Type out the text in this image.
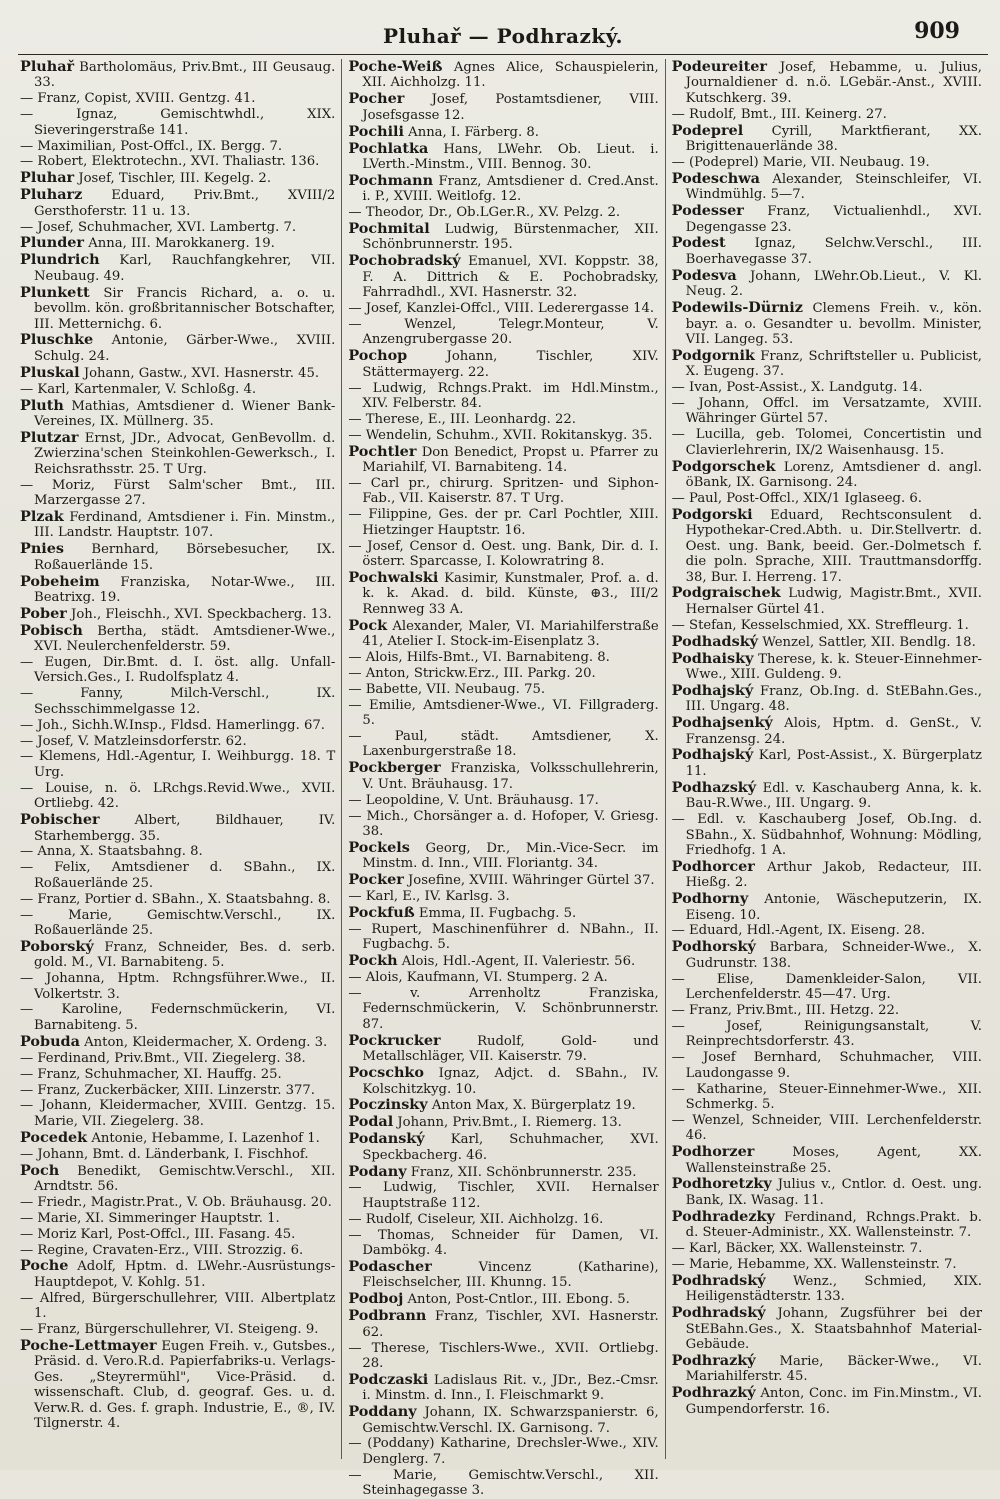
Pluhař — Podhrazký.	909

Pluhař Bartholomäus, Priv.Bmt., III Geusaug. 33.

— Franz, Copist, XVIII. Gentzg. 41.

— Ignaz, Gemischtwhdl., XIX. Sieveringerstraße 141.

— Maximilian, Post-Offcl., IX. Bergg. 7.

— Robert, Elektrotechn., XVI. Thaliastr. 136.

Pluhar Josef, Tischler, III. Kegelg. 2.

Pluharz Eduard, Priv.Bmt., XVIII/2 Gersthoferstr. 11 u. 13.

— Josef, Schuhmacher, XVI. Lambertg. 7.

Plunder Anna, III. Marokkanerg. 19.

Plundrich Karl, Rauchfangkehrer, VII. Neubaug. 49.

Plunkett Sir Francis Richard, a. o. u. bevollm. kön. großbritannischer Botschafter, III. Metternichg. 6.

Pluschke Antonie, Gärber-Wwe., XVIII. Schulg. 24.

Pluskal Johann, Gastw., XVI. Hasnerstr. 45.

— Karl, Kartenmaler, V. Schloßg. 4.

Pluth Mathias, Amtsdiener d. Wiener Bank-Vereines, IX. Müllnerg. 35.

Plutzar Ernst, JDr., Advocat, GenBevollm. d. Zwierzina'schen Steinkohlen-Gewerksch., I. Reichsrathsstr. 25. T Urg.

— Moriz, Fürst Salm'scher Bmt., III. Marzergasse 27.

Plzak Ferdinand, Amtsdiener i. Fin. Minstm., III. Landstr. Hauptstr. 107.

Pnies Bernhard, Börsebesucher, IX. Roßauerlände 15.

Pobeheim Franziska, Notar-Wwe., III. Beatrixg. 19.

Pober Joh., Fleischh., XVI. Speckbacherg. 13.

Pobisch Bertha, städt. Amtsdiener-Wwe., XVI. Neulerchenfelderstr. 59.

— Eugen, Dir.Bmt. d. I. öst. allg. Unfall-Versich.Ges., I. Rudolfsplatz 4.

— Fanny, Milch-Verschl., IX. Sechsschimmelgasse 12.

— Joh., Sichh.W.Insp., Fldsd. Hamerlingg. 67.

— Josef, V. Matzleinsdorferstr. 62.

— Klemens, Hdl.-Agentur, I. Weihburgg. 18. T Urg.

— Louise, n. ö. LRchgs.Revid.Wwe., XVII. Ortliebg. 42.

Pobischer Albert, Bildhauer, IV. Starhembergg. 35.

— Anna, X. Staatsbahng. 8.

— Felix, Amtsdiener d. SBahn., IX. Roßauerlände 25.

— Franz, Portier d. SBahn., X. Staatsbahng. 8.

— Marie, Gemischtw.Verschl., IX. Roßauerlände 25.

Poborský Franz, Schneider, Bes. d. serb. gold. M., VI. Barnabiteng. 5.

— Johanna, Hptm. Rchngsführer.Wwe., II. Volkertstr. 3.

— Karoline, Federnschmückerin, VI. Barnabiteng. 5.

Pobuda Anton, Kleidermacher, X. Ordeng. 3.

— Ferdinand, Priv.Bmt., VII. Ziegelerg. 38.

— Franz, Schuhmacher, XI. Hauffg. 25.

— Franz, Zuckerbäcker, XIII. Linzerstr. 377.

— Johann, Kleidermacher, XVIII. Gentzg. 15. Marie, VII. Ziegelerg. 38.

Pocedek Antonie, Hebamme, I. Lazenhof 1.

— Johann, Bmt. d. Länderbank, I. Fischhof.

Poch Benedikt, Gemischtw.Verschl., XII. Arndtstr. 56.

— Friedr., Magistr.Prat., V. Ob. Bräuhausg. 20.

— Marie, XI. Simmeringer Hauptstr. 1.

— Moriz Karl, Post-Offcl., III. Fasang. 45.

— Regine, Cravaten-Erz., VIII. Strozzig. 6.

Poche Adolf, Hptm. d. LWehr.-Ausrüstungs-Hauptdepot, V. Kohlg. 51.

— Alfred, Bürgerschullehrer, VIII. Albertplatz 1.

— Franz, Bürgerschullehrer, VI. Steigeng. 9.

Poche-Lettmayer Eugen Freih. v., Gutsbes., Präsid. d. Vero.R.d. Papierfabriks-u. Verlags-Ges. „Steyrermühl", Vice-Präsid. d. wissenschaft. Club, d. geograf. Ges. u. d. Verw.R. d. Ges. f. graph. Industrie, E., ®, IV. Tilgnerstr. 4.

Poche-Weiß Agnes Alice, Schauspielerin, XII. Aichholzg. 11.

Pocher Josef, Postamtsdiener, VIII. Josefsgasse 12.

Pochili Anna, I. Färberg. 8.

Pochlatka Hans, LWehr. Ob. Lieut. i. LVerth.-Minstm., VIII. Bennog. 30.

Pochmann Franz, Amtsdiener d. Cred.Anst. i. P., XVIII. Weitlofg. 12.

— Theodor, Dr., Ob.LGer.R., XV. Pelzg. 2.

Pochmital Ludwig, Bürstenmacher, XII. Schönbrunnerstr. 195.

Pochobradský Emanuel, XVI. Koppstr. 38, F. A. Dittrich & E. Pochobradsky, Fahrradhdl., XVI. Hasnerstr. 32.

— Josef, Kanzlei-Offcl., VIII. Lederergasse 14.

— Wenzel, Telegr.Monteur, V. Anzengrubergasse 20.

Pochop Johann, Tischler, XIV. Stättermayerg. 22.

— Ludwig, Rchngs.Prakt. im Hdl.Minstm., XIV. Felberstr. 84.

— Therese, E., III. Leonhardg. 22.

— Wendelin, Schuhm., XVII. Rokitanskyg. 35.

Pochtler Don Benedict, Propst u. Pfarrer zu Mariahilf, VI. Barnabiteng. 14.

— Carl pr., chirurg. Spritzen- und Siphon-Fab., VII. Kaiserstr. 87. T Urg.

— Filippine, Ges. der pr. Carl Pochtler, XIII. Hietzinger Hauptstr. 16.

— Josef, Censor d. Oest. ung. Bank, Dir. d. I. österr. Sparcasse, I. Kolowratring 8.

Pochwalski Kasimir, Kunstmaler, Prof. a. d. k. k. Akad. d. bild. Künste, ⊕3., III/2 Rennweg 33 A.

Pock Alexander, Maler, VI. Mariahilferstraße 41, Atelier I. Stock-im-Eisenplatz 3.

— Alois, Hilfs-Bmt., VI. Barnabiteng. 8.

— Anton, Strickw.Erz., III. Parkg. 20.

— Babette, VII. Neubaug. 75.

— Emilie, Amtsdiener-Wwe., VI. Fillgraderg. 5.

— Paul, städt. Amtsdiener, X. Laxenburgerstraße 18.

Pockberger Franziska, Volksschullehrerin, V. Unt. Bräuhausg. 17.

— Leopoldine, V. Unt. Bräuhausg. 17.

— Mich., Chorsänger a. d. Hofoper, V. Griesg. 38.

Pockels Georg, Dr., Min.-Vice-Secr. im Minstm. d. Inn., VIII. Floriantg. 34.

Pocker Josefine, XVIII. Währinger Gürtel 37.

— Karl, E., IV. Karlsg. 3.

Pockfuß Emma, II. Fugbachg. 5.

— Rupert, Maschinenführer d. NBahn., II. Fugbachg. 5.

Pockh Alois, Hdl.-Agent, II. Valeriestr. 56.

— Alois, Kaufmann, VI. Stumperg. 2 A.

— v. Arrenholtz Franziska, Federnschmückerin, V. Schönbrunnerstr. 87.

Pockrucker Rudolf, Gold- und Metallschläger, VII. Kaiserstr. 79.

Pocschko Ignaz, Adjct. d. SBahn., IV. Kolschitzkyg. 10.

Poczinsky Anton Max, X. Bürgerplatz 19.

Podal Johann, Priv.Bmt., I. Riemerg. 13.

Podanský Karl, Schuhmacher, XVI. Speckbacherg. 46.

Podany Franz, XII. Schönbrunnerstr. 235.

— Ludwig, Tischler, XVII. Hernalser Hauptstraße 112.

— Rudolf, Ciseleur, XII. Aichholzg. 16.

— Thomas, Schneider für Damen, VI. Dambökg. 4.

Podascher Vincenz (Katharine), Fleischselcher, III. Khunng. 15.

Podboj Anton, Post-Cntlor., III. Ebong. 5.

Podbrann Franz, Tischler, XVI. Hasnerstr. 62.

— Therese, Tischlers-Wwe., XVII. Ortliebg. 28.

Podczaski Ladislaus Rit. v., JDr., Bez.-Cmsr. i. Minstm. d. Inn., I. Fleischmarkt 9.

Poddany Johann, IX. Schwarzspanierstr. 6, Gemischtw.Verschl. IX. Garnisong. 7.

— (Poddany) Katharine, Drechsler-Wwe., XIV. Denglerg. 7.

— Marie, Gemischtw.Verschl., XII. Steinhagegasse 3.

Podeureiter Josef, Hebamme, u. Julius, Journaldiener d. n.ö. LGebär.-Anst., XVIII. Kutschkerg. 39.

— Rudolf, Bmt., III. Keinerg. 27.

Podeprel Cyrill, Marktfierant, XX. Brigittenauerlände 38.

— (Podeprel) Marie, VII. Neubaug. 19.

Podeschwa Alexander, Steinschleifer, VI. Windmühlg. 5—7.

Podesser Franz, Victualienhdl., XVI. Degengasse 23.

Podest Ignaz, Selchw.Verschl., III. Boerhavegasse 37.

Podesva Johann, LWehr.Ob.Lieut., V. Kl. Neug. 2.

Podewils-Dürniz Clemens Freih. v., kön. bayr. a. o. Gesandter u. bevollm. Minister, VII. Langeg. 53.

Podgornik Franz, Schriftsteller u. Publicist, X. Eugeng. 37.

— Ivan, Post-Assist., X. Landgutg. 14.

— Johann, Offcl. im Versatzamte, XVIII. Währinger Gürtel 57.

— Lucilla, geb. Tolomei, Concertistin und Clavierlehrerin, IX/2 Waisenhausg. 15.

Podgorschek Lorenz, Amtsdiener d. angl. öBank, IX. Garnisong. 24.

— Paul, Post-Offcl., XIX/1 Iglaseeg. 6.

Podgorski Eduard, Rechtsconsulent d. Hypothekar-Cred.Abth. u. Dir.Stellvertr. d. Oest. ung. Bank, beeid. Ger.-Dolmetsch f. die poln. Sprache, XIII. Trauttmansdorffg. 38, Bur. I. Herreng. 17.

Podgraischek Ludwig, Magistr.Bmt., XVII. Hernalser Gürtel 41.

— Stefan, Kesselschmied, XX. Streffleurg. 1.

Podhadský Wenzel, Sattler, XII. Bendlg. 18.

Podhaisky Therese, k. k. Steuer-Einnehmer-Wwe., XIII. Guldeng. 9.

Podhajský Franz, Ob.Ing. d. StEBahn.Ges., III. Ungarg. 48.

Podhajsenký Alois, Hptm. d. GenSt., V. Franzensg. 24.

Podhajský Karl, Post-Assist., X. Bürgerplatz 11.

Podhazský Edl. v. Kaschauberg Anna, k. k. Bau-R.Wwe., III. Ungarg. 9.

— Edl. v. Kaschauberg Josef, Ob.Ing. d. SBahn., X. Südbahnhof, Wohnung: Mödling, Friedhofg. 1 A.

Podhorcer Arthur Jakob, Redacteur, III. Hießg. 2.

Podhorny Antonie, Wäscheputzerin, IX. Eiseng. 10.

— Eduard, Hdl.-Agent, IX. Eiseng. 28.

Podhorský Barbara, Schneider-Wwe., X. Gudrunstr. 138.

— Elise, Damenkleider-Salon, VII. Lerchenfelderstr. 45—47. Urg.

— Franz, Priv.Bmt., III. Hetzg. 22.

— Josef, Reinigungsanstalt, V. Reinprechtsdorferstr. 43.

— Josef Bernhard, Schuhmacher, VIII. Laudongasse 9.

— Katharine, Steuer-Einnehmer-Wwe., XII. Schmerkg. 5.

— Wenzel, Schneider, VIII. Lerchenfelderstr. 46.

Podhorzer Moses, Agent, XX. Wallensteinstraße 25.

Podhoretzky Julius v., Cntlor. d. Oest. ung. Bank, IX. Wasag. 11.

Podhradezky Ferdinand, Rchngs.Prakt. b. d. Steuer-Administr., XX. Wallensteinstr. 7.

— Karl, Bäcker, XX. Wallensteinstr. 7.

— Marie, Hebamme, XX. Wallensteinstr. 7.

Podhradský Wenz., Schmied, XIX. Heiligenstädterstr. 133.

Podhradský Johann, Zugsführer bei der StEBahn.Ges., X. Staatsbahnhof Material-Gebäude.

Podhrazký Marie, Bäcker-Wwe., VI. Mariahilferstr. 45.

Podhrazký Anton, Conc. im Fin.Minstm., VI. Gumpendorferstr. 16.
